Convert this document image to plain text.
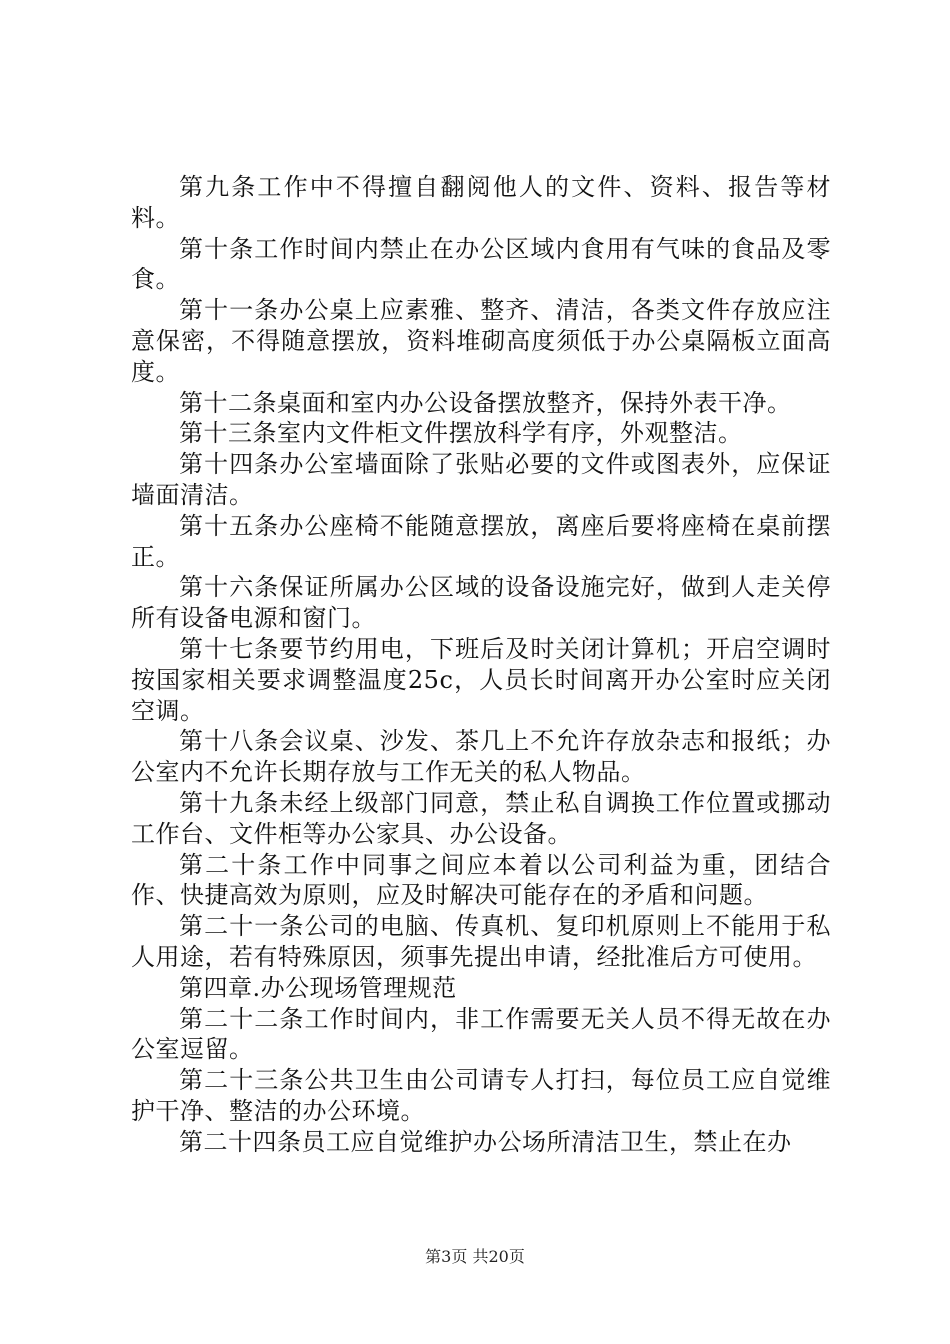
第九条工作中不得擅自翻阅他人的文件、资料、报告等材料。

第十条工作时间内禁止在办公区域内食用有气味的食品及零食。

第十一条办公桌上应素雅、整齐、清洁，各类文件存放应注意保密，不得随意摆放，资料堆砌高度须低于办公桌隔板立面高度。

第十二条桌面和室内办公设备摆放整齐，保持外表干净。

第十三条室内文件柜文件摆放科学有序，外观整洁。

第十四条办公室墙面除了张贴必要的文件或图表外，应保证墙面清洁。

第十五条办公座椅不能随意摆放，离座后要将座椅在桌前摆正。

第十六条保证所属办公区域的设备设施完好，做到人走关停所有设备电源和窗门。

第十七条要节约用电，下班后及时关闭计算机；开启空调时按国家相关要求调整温度25c，人员长时间离开办公室时应关闭空调。

第十八条会议桌、沙发、茶几上不允许存放杂志和报纸；办公室内不允许长期存放与工作无关的私人物品。

第十九条未经上级部门同意，禁止私自调换工作位置或挪动工作台、文件柜等办公家具、办公设备。

第二十条工作中同事之间应本着以公司利益为重，团结合作、快捷高效为原则，应及时解决可能存在的矛盾和问题。

第二十一条公司的电脑、传真机、复印机原则上不能用于私人用途，若有特殊原因，须事先提出申请，经批准后方可使用。

第四章.办公现场管理规范

第二十二条工作时间内，非工作需要无关人员不得无故在办公室逗留。

第二十三条公共卫生由公司请专人打扫，每位员工应自觉维护干净、整洁的办公环境。

第二十四条员工应自觉维护办公场所清洁卫生，禁止在办

第3页 共20页
